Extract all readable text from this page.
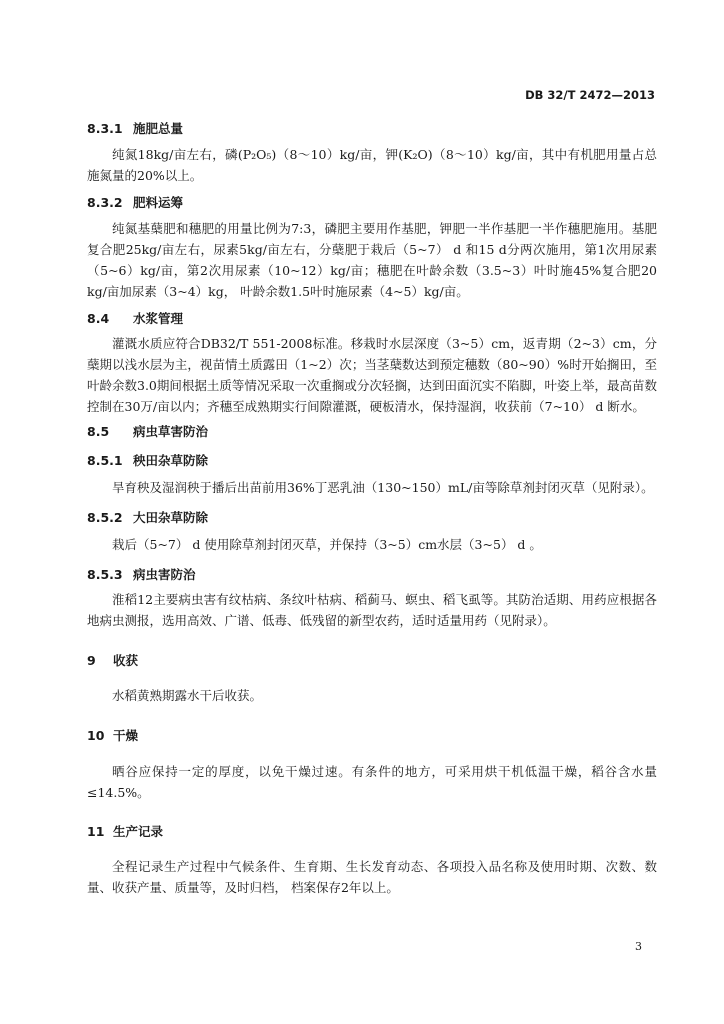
DB 32/T 2472—2013
8.3.1 施肥总量
纯氮18kg/亩左右，磷(P₂O₅)（8～10）kg/亩，钾(K₂O)（8～10）kg/亩，其中有机肥用量占总施氮量的20%以上。
8.3.2 肥料运筹
纯氮基蘖肥和穗肥的用量比例为7:3，磷肥主要用作基肥，钾肥一半作基肥一半作穗肥施用。基肥复合肥25kg/亩左右，尿素5kg/亩左右，分蘖肥于栽后（5~7） d 和15 d分两次施用，第1次用尿素（5~6）kg/亩，第2次用尿素（10~12）kg/亩；穗肥在叶龄余数（3.5~3）叶时施45%复合肥20 kg/亩加尿素（3~4）kg， 叶龄余数1.5叶时施尿素（4~5）kg/亩。
8.4 水浆管理
灌溉水质应符合DB32/T 551-2008标准。移栽时水层深度（3~5）cm，返青期（2~3）cm，分蘖期以浅水层为主，视苗情土质露田（1~2）次；当茎蘖数达到预定穗数（80~90）%时开始搁田，至叶龄余数3.0期间根据土质等情况采取一次重搁或分次轻搁，达到田面沉实不陷脚，叶姿上举，最高苗数控制在30万/亩以内；齐穗至成熟期实行间隙灌溉，硬板清水，保持湿润，收获前（7~10） d 断水。
8.5 病虫草害防治
8.5.1 秧田杂草防除
旱育秧及湿润秧于播后出苗前用36%丁恶乳油（130~150）mL/亩等除草剂封闭灭草（见附录）。
8.5.2 大田杂草防除
栽后（5~7） d 使用除草剂封闭灭草，并保持（3~5）cm水层（3~5） d 。
8.5.3 病虫害防治
淮稻12主要病虫害有纹枯病、条纹叶枯病、稻蓟马、螟虫、稻飞虱等。其防治适期、用药应根据各地病虫测报，选用高效、广谱、低毒、低残留的新型农药，适时适量用药（见附录）。
9 收获
水稻黄熟期露水干后收获。
10 干燥
晒谷应保持一定的厚度，以免干燥过速。有条件的地方，可采用烘干机低温干燥，稻谷含水量≤14.5%。
11 生产记录
全程记录生产过程中气候条件、生育期、生长发育动态、各项投入品名称及使用时期、次数、数量、收获产量、质量等，及时归档， 档案保存2年以上。
3
